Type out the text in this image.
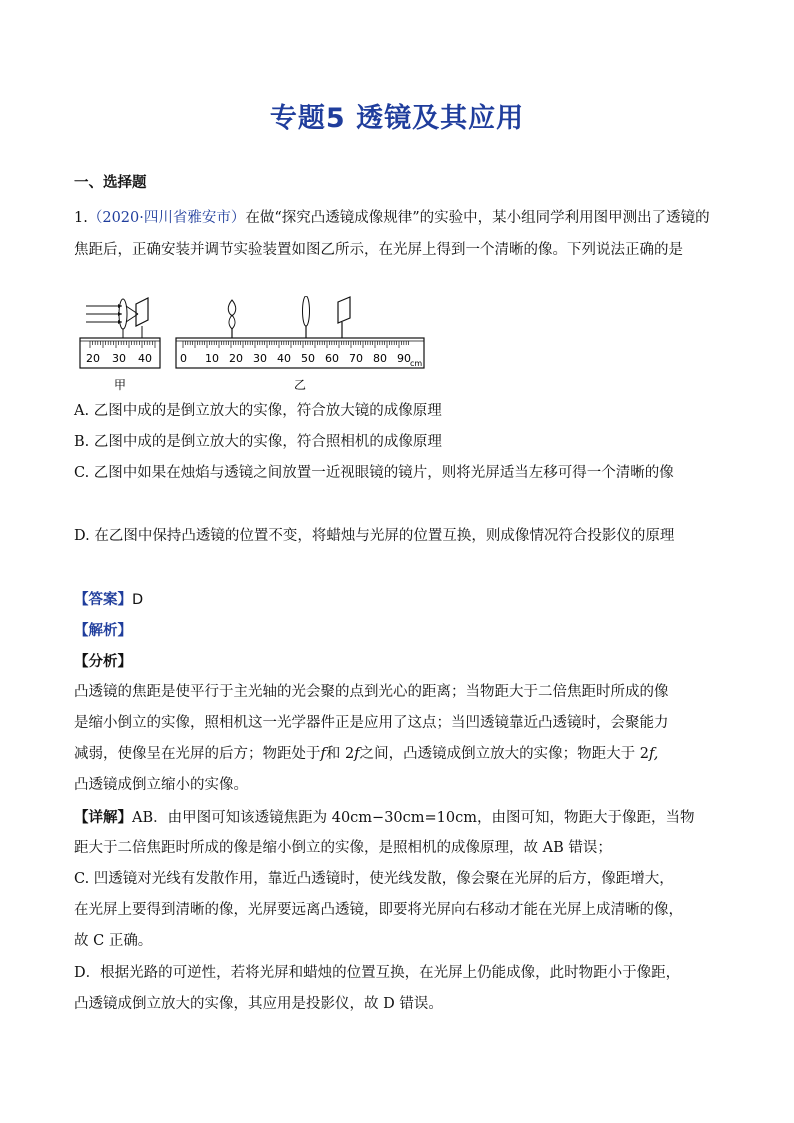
专题5 透镜及其应用
一、选择题
1.（2020·四川省雅安市）在做“探究凸透镜成像规律”的实验中，某小组同学利用图甲测出了透镜的焦距后，正确安装并调节实验装置如图乙所示，在光屏上得到一个清晰的像。下列说法正确的是
20 30 40
甲
0 10 20 30 40 50 60 70 80 90 cm
乙
A. 乙图中成的是倒立放大的实像，符合放大镜的成像原理
B. 乙图中成的是倒立放大的实像，符合照相机的成像原理
C. 乙图中如果在烛焰与透镜之间放置一近视眼镜的镜片，则将光屏适当左移可得一个清晰的像
D. 在乙图中保持凸透镜的位置不变，将蜡烛与光屏的位置互换，则成像情况符合投影仪的原理
【答案】D
【解析】
【分析】
凸透镜的焦距是使平行于主光轴的光会聚的点到光心的距离；当物距大于二倍焦距时所成的像
是缩小倒立的实像，照相机这一光学器件正是应用了这点；当凹透镜靠近凸透镜时，会聚能力
减弱，使像呈在光屏的后方；物距处于f和 2f之间，凸透镜成倒立放大的实像；物距大于 2f,
凸透镜成倒立缩小的实像。
【详解】AB．由甲图可知该透镜焦距为 40cm−30cm=10cm，由图可知，物距大于像距，当物
距大于二倍焦距时所成的像是缩小倒立的实像，是照相机的成像原理，故 AB 错误；
C. 凹透镜对光线有发散作用，靠近凸透镜时，使光线发散，像会聚在光屏的后方，像距增大，
在光屏上要得到清晰的像，光屏要远离凸透镜，即要将光屏向右移动才能在光屏上成清晰的像，
故 C 正确。
D．根据光路的可逆性，若将光屏和蜡烛的位置互换，在光屏上仍能成像，此时物距小于像距，
凸透镜成倒立放大的实像，其应用是投影仪，故 D 错误。
